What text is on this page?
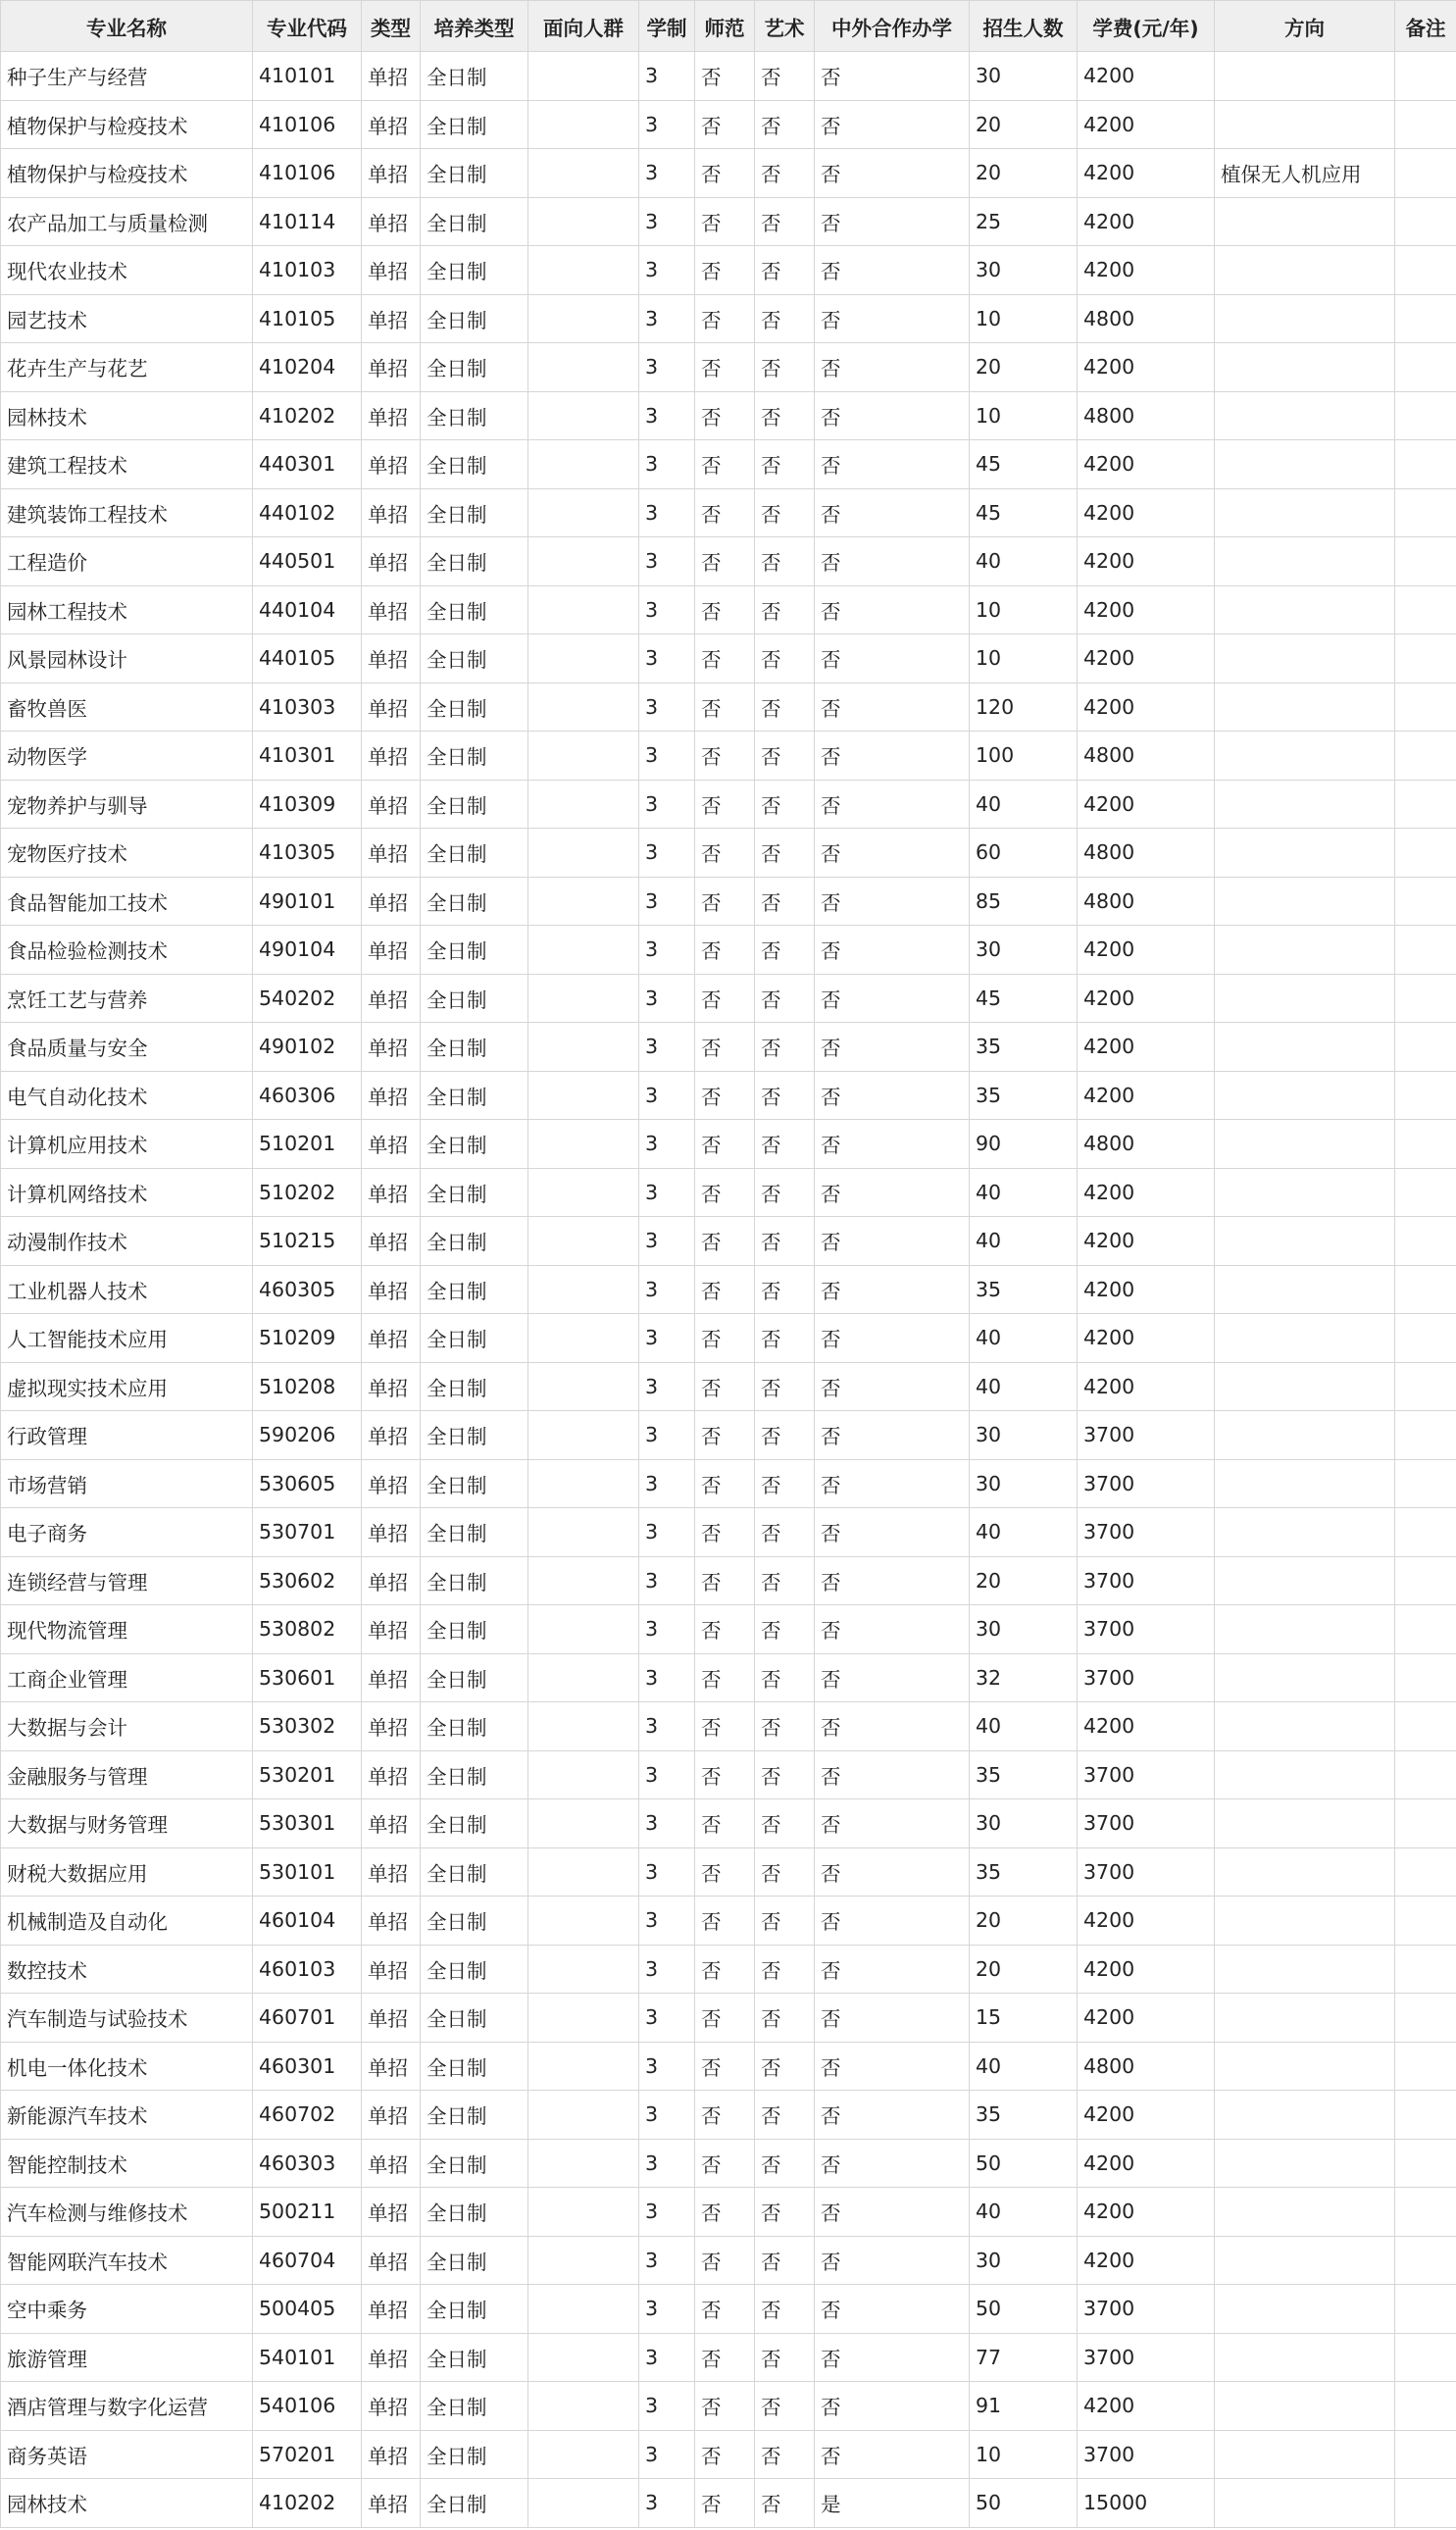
专业名称	专业代码	类型	培养类型	面向人群	学制	师范	艺术	中外合作办学	招生人数	学费(元/年)	方向	备注
种子生产与经营	410101	单招	全日制		3	否	否	否	30	4200		
植物保护与检疫技术	410106	单招	全日制		3	否	否	否	20	4200		
植物保护与检疫技术	410106	单招	全日制		3	否	否	否	20	4200	植保无人机应用	
农产品加工与质量检测	410114	单招	全日制		3	否	否	否	25	4200		
现代农业技术	410103	单招	全日制		3	否	否	否	30	4200		
园艺技术	410105	单招	全日制		3	否	否	否	10	4800		
花卉生产与花艺	410204	单招	全日制		3	否	否	否	20	4200		
园林技术	410202	单招	全日制		3	否	否	否	10	4800		
建筑工程技术	440301	单招	全日制		3	否	否	否	45	4200		
建筑装饰工程技术	440102	单招	全日制		3	否	否	否	45	4200		
工程造价	440501	单招	全日制		3	否	否	否	40	4200		
园林工程技术	440104	单招	全日制		3	否	否	否	10	4200		
风景园林设计	440105	单招	全日制		3	否	否	否	10	4200		
畜牧兽医	410303	单招	全日制		3	否	否	否	120	4200		
动物医学	410301	单招	全日制		3	否	否	否	100	4800		
宠物养护与驯导	410309	单招	全日制		3	否	否	否	40	4200		
宠物医疗技术	410305	单招	全日制		3	否	否	否	60	4800		
食品智能加工技术	490101	单招	全日制		3	否	否	否	85	4800		
食品检验检测技术	490104	单招	全日制		3	否	否	否	30	4200		
烹饪工艺与营养	540202	单招	全日制		3	否	否	否	45	4200		
食品质量与安全	490102	单招	全日制		3	否	否	否	35	4200		
电气自动化技术	460306	单招	全日制		3	否	否	否	35	4200		
计算机应用技术	510201	单招	全日制		3	否	否	否	90	4800		
计算机网络技术	510202	单招	全日制		3	否	否	否	40	4200		
动漫制作技术	510215	单招	全日制		3	否	否	否	40	4200		
工业机器人技术	460305	单招	全日制		3	否	否	否	35	4200		
人工智能技术应用	510209	单招	全日制		3	否	否	否	40	4200		
虚拟现实技术应用	510208	单招	全日制		3	否	否	否	40	4200		
行政管理	590206	单招	全日制		3	否	否	否	30	3700		
市场营销	530605	单招	全日制		3	否	否	否	30	3700		
电子商务	530701	单招	全日制		3	否	否	否	40	3700		
连锁经营与管理	530602	单招	全日制		3	否	否	否	20	3700		
现代物流管理	530802	单招	全日制		3	否	否	否	30	3700		
工商企业管理	530601	单招	全日制		3	否	否	否	32	3700		
大数据与会计	530302	单招	全日制		3	否	否	否	40	4200		
金融服务与管理	530201	单招	全日制		3	否	否	否	35	3700		
大数据与财务管理	530301	单招	全日制		3	否	否	否	30	3700		
财税大数据应用	530101	单招	全日制		3	否	否	否	35	3700		
机械制造及自动化	460104	单招	全日制		3	否	否	否	20	4200		
数控技术	460103	单招	全日制		3	否	否	否	20	4200		
汽车制造与试验技术	460701	单招	全日制		3	否	否	否	15	4200		
机电一体化技术	460301	单招	全日制		3	否	否	否	40	4800		
新能源汽车技术	460702	单招	全日制		3	否	否	否	35	4200		
智能控制技术	460303	单招	全日制		3	否	否	否	50	4200		
汽车检测与维修技术	500211	单招	全日制		3	否	否	否	40	4200		
智能网联汽车技术	460704	单招	全日制		3	否	否	否	30	4200		
空中乘务	500405	单招	全日制		3	否	否	否	50	3700		
旅游管理	540101	单招	全日制		3	否	否	否	77	3700		
酒店管理与数字化运营	540106	单招	全日制		3	否	否	否	91	4200		
商务英语	570201	单招	全日制		3	否	否	否	10	3700		
园林技术	410202	单招	全日制		3	否	否	是	50	15000		
